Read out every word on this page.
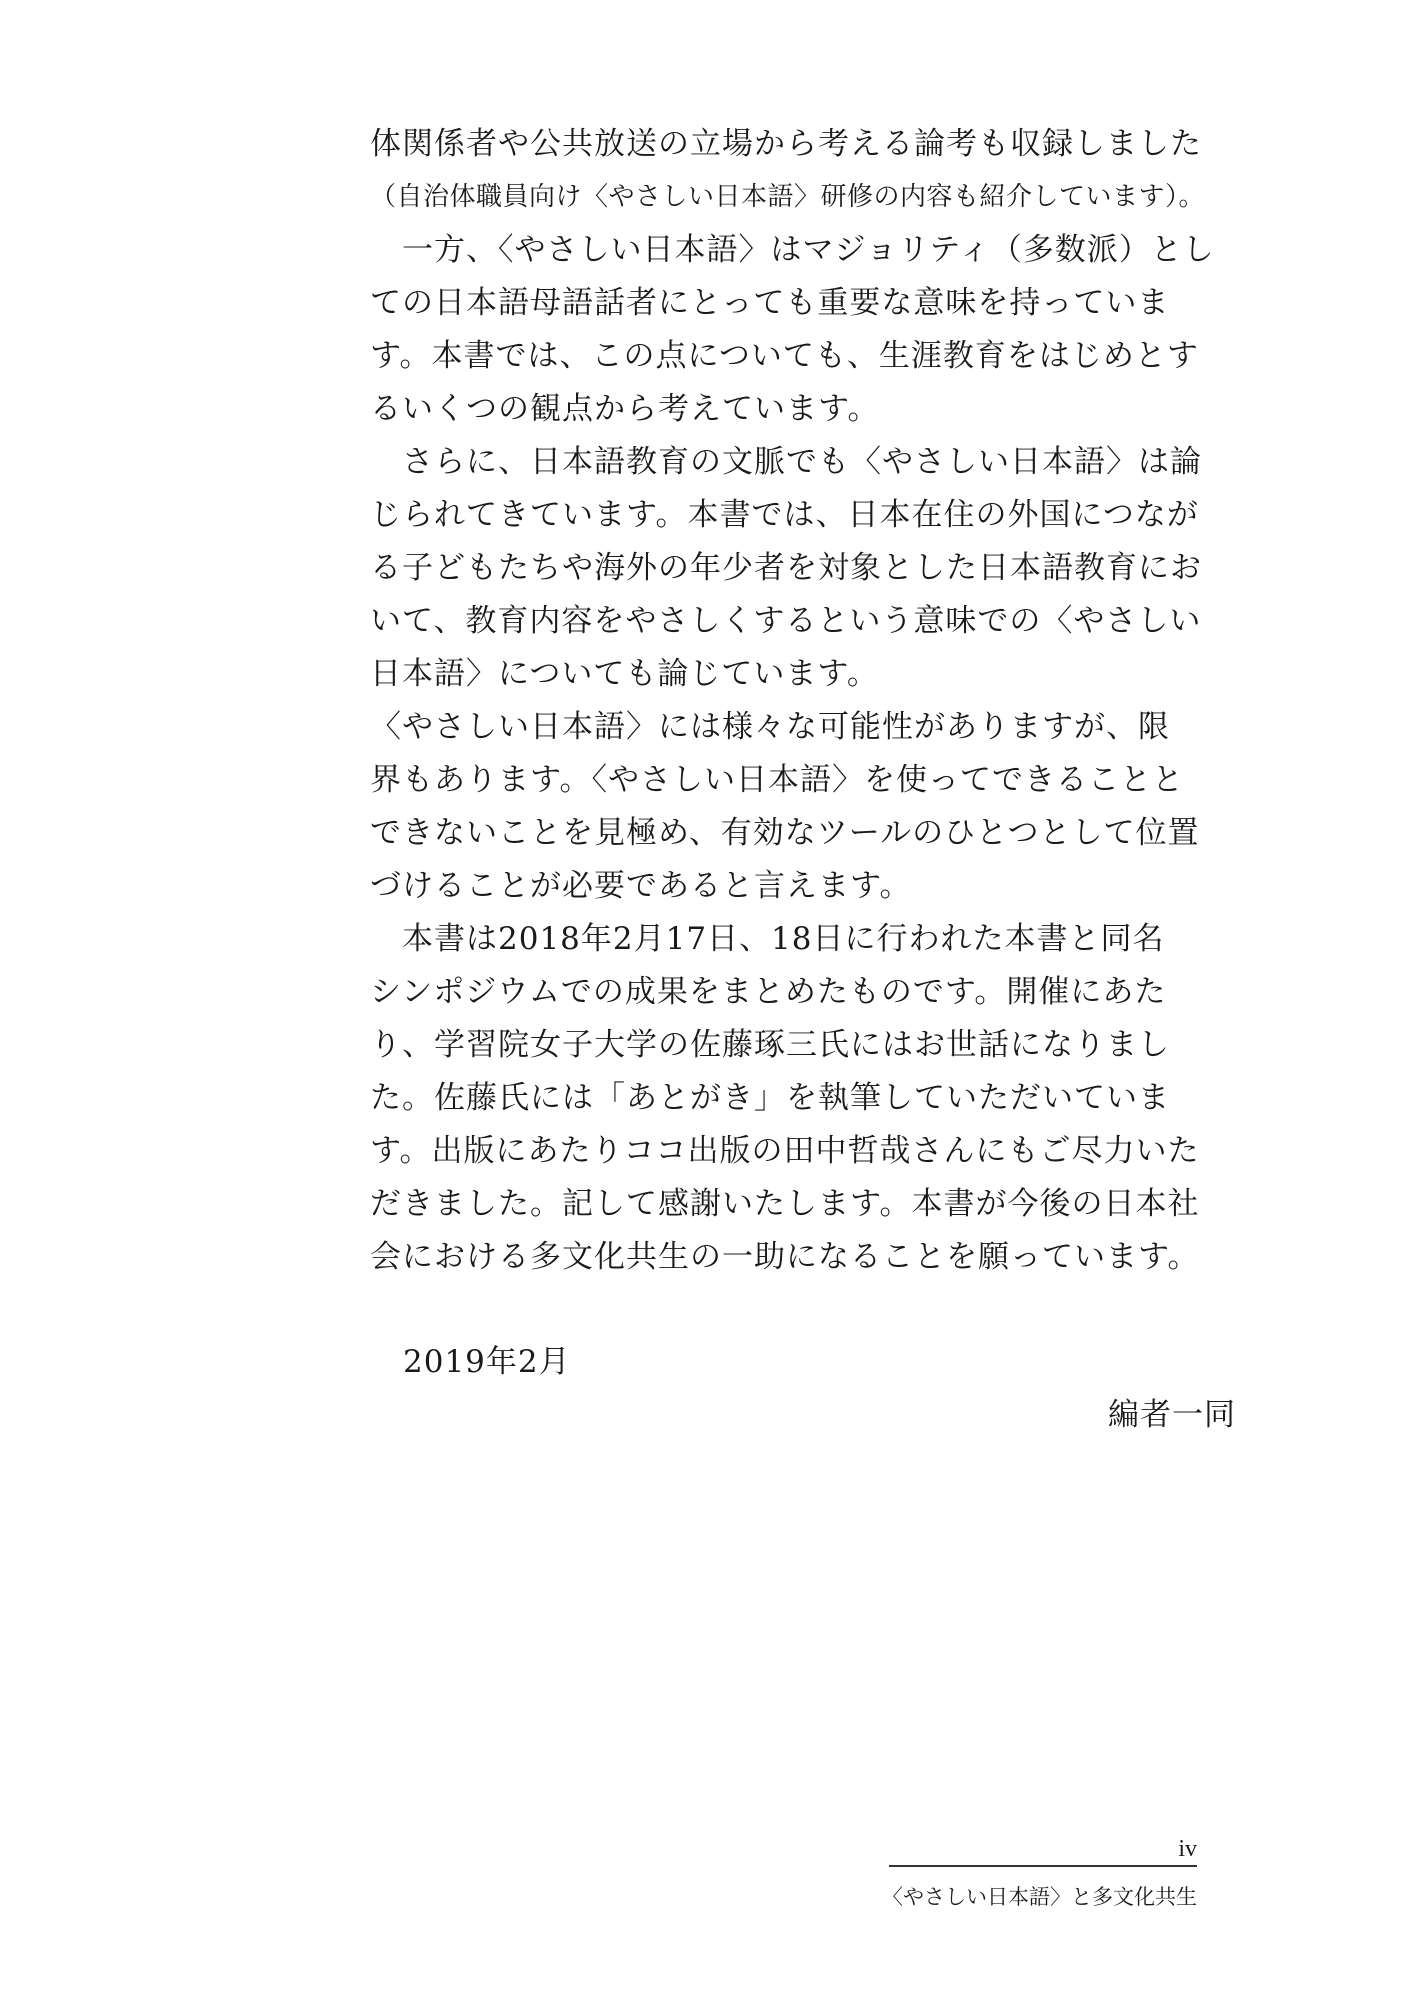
体関係者や公共放送の立場から考える論考も収録しました
（自治体職員向け〈やさしい日本語〉研修の内容も紹介しています）。
　一方、〈やさしい日本語〉はマジョリティ（多数派）とし
ての日本語母語話者にとっても重要な意味を持っていま
す。本書では、この点についても、生涯教育をはじめとす
るいくつの観点から考えています。
　さらに、日本語教育の文脈でも〈やさしい日本語〉は論
じられてきています。本書では、日本在住の外国につなが
る子どもたちや海外の年少者を対象とした日本語教育にお
いて、教育内容をやさしくするという意味での〈やさしい
日本語〉についても論じています。
〈やさしい日本語〉には様々な可能性がありますが、限
界もあります。〈やさしい日本語〉を使ってできることと
できないことを見極め、有効なツールのひとつとして位置
づけることが必要であると言えます。
　本書は2018年2月17日、18日に行われた本書と同名
シンポジウムでの成果をまとめたものです。開催にあた
り、学習院女子大学の佐藤琢三氏にはお世話になりまし
た。佐藤氏には「あとがき」を執筆していただいていま
す。出版にあたりココ出版の田中哲哉さんにもご尽力いた
だきました。記して感謝いたします。本書が今後の日本社
会における多文化共生の一助になることを願っています。
2019年2月
編者一同
iv
〈やさしい日本語〉と多文化共生
